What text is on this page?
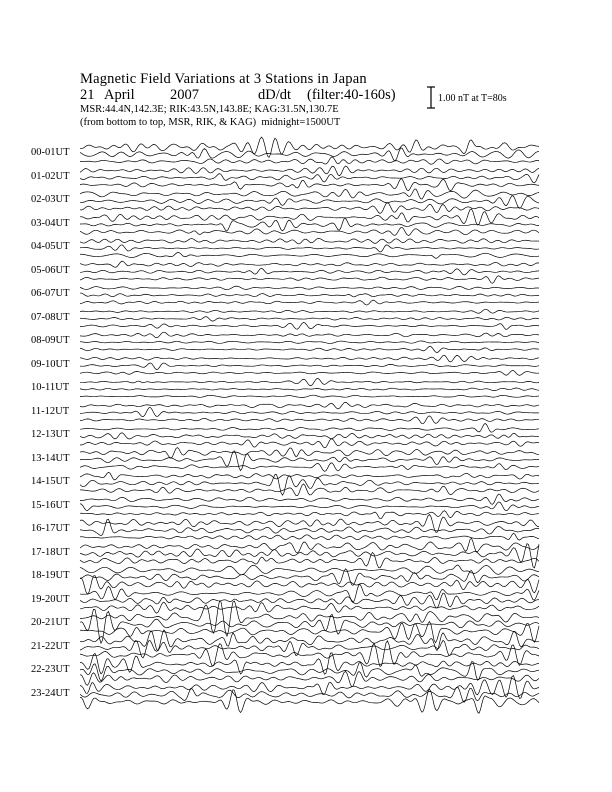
Magnetic Field Variations at 3 Stations in Japan
21 April 2007	dD/dt (filter:40-160s)
MSR:44.4N,142.3E; RIK:43.5N,143.8E; KAG:31.5N,130.7E
(from bottom to top, MSR, RIK, & KAG) midnight=1500UT
1.00 nT at T=80s
00-01UT
01-02UT
02-03UT
03-04UT
04-05UT
05-06UT
06-07UT
07-08UT
08-09UT
09-10UT
10-11UT
11-12UT
12-13UT
13-14UT
14-15UT
15-16UT
16-17UT
17-18UT
18-19UT
19-20UT
20-21UT
21-22UT
22-23UT
23-24UT
